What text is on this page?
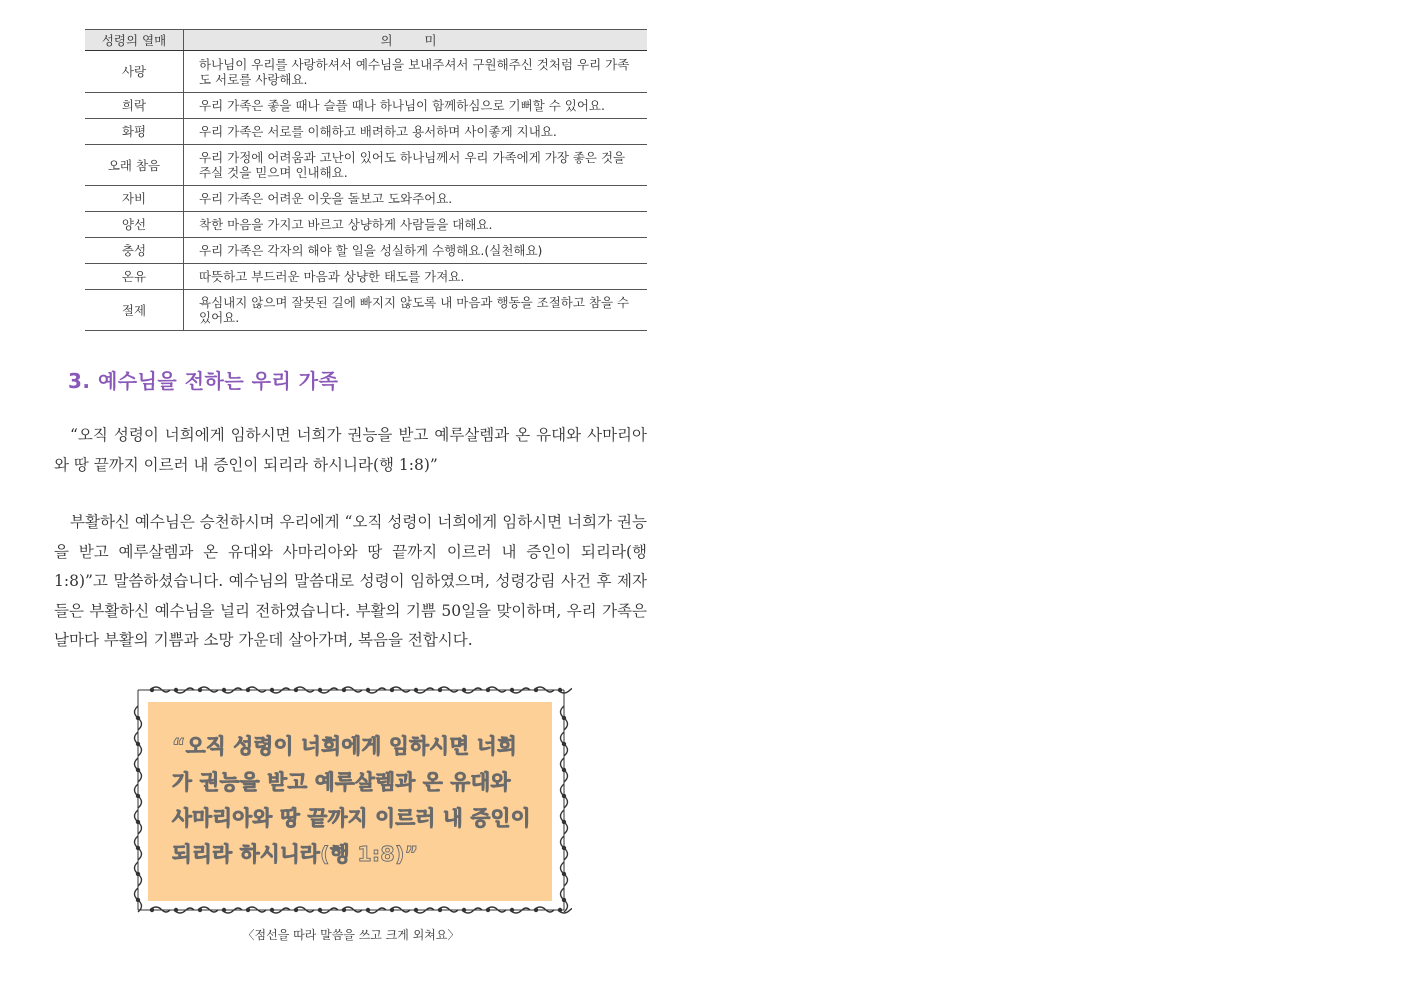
성령의 열매	의 미
사랑	하나님이 우리를 사랑하셔서 예수님을 보내주셔서 구원해주신 것처럼 우리 가족도 서로를 사랑해요.
희락	우리 가족은 좋을 때나 슬플 때나 하나님이 함께하심으로 기뻐할 수 있어요.
화평	우리 가족은 서로를 이해하고 배려하고 용서하며 사이좋게 지내요.
오래 참음	우리 가정에 어려움과 고난이 있어도 하나님께서 우리 가족에게 가장 좋은 것을 주실 것을 믿으며 인내해요.
자비	우리 가족은 어려운 이웃을 돌보고 도와주어요.
양선	착한 마음을 가지고 바르고 상냥하게 사람들을 대해요.
충성	우리 가족은 각자의 해야 할 일을 성실하게 수행해요.(실천해요)
온유	따뜻하고 부드러운 마음과 상냥한 태도를 가져요.
절제	욕심내지 않으며 잘못된 길에 빠지지 않도록 내 마음과 행동을 조절하고 참을 수 있어요.
3. 예수님을 전하는 우리 가족

“오직 성령이 너희에게 임하시면 너희가 권능을 받고 예루살렘과 온 유대와 사마리아와 땅 끝까지 이르러 내 증인이 되리라 하시니라(행 1:8)”

부활하신 예수님은 승천하시며 우리에게 “오직 성령이 너희에게 임하시면 너희가 권능을 받고 예루살렘과 온 유대와 사마리아와 땅 끝까지 이르러 내 증인이 되리라(행 1:8)”고 말씀하셨습니다. 예수님의 말씀대로 성령이 임하였으며, 성령강림 사건 후 제자들은 부활하신 예수님을 널리 전하였습니다. 부활의 기쁨 50일을 맞이하며, 우리 가족은 날마다 부활의 기쁨과 소망 가운데 살아가며, 복음을 전합시다.

“오직 성령이 너희에게 임하시면 너희가 권능을 받고 예루살렘과 온 유대와 사마리아와 땅 끝까지 이르러 내 증인이 되리라 하시니라(행 1:8)”

〈점선을 따라 말씀을 쓰고 크게 외쳐요〉
